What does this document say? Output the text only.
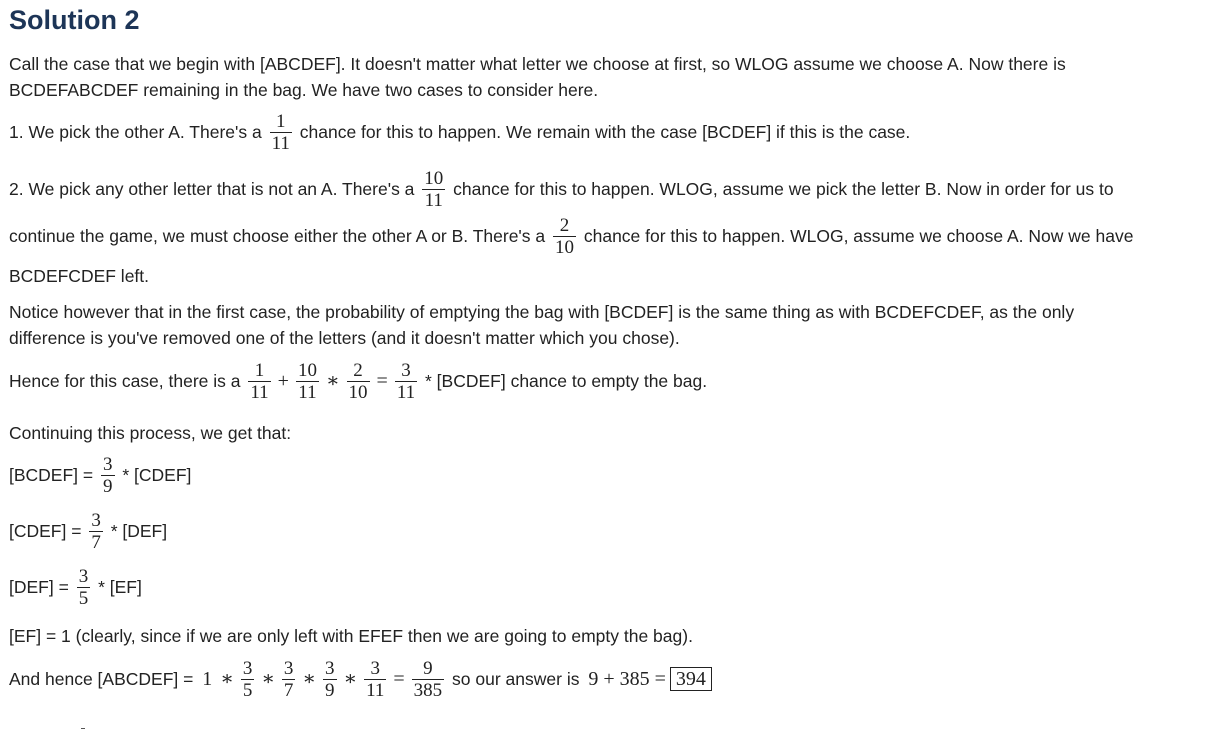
Solution 2
Call the case that we begin with [ABCDEF]. It doesn't matter what letter we choose at first, so WLOG assume we choose A. Now there is
BCDEFABCDEF remaining in the bag. We have two cases to consider here.
1. We pick the other A. There's a $\frac{1}{11}$ chance for this to happen. We remain with the case [BCDEF] if this is the case.
2. We pick any other letter that is not an A. There's a $\frac{10}{11}$ chance for this to happen. WLOG, assume we pick the letter B. Now in order for us to
continue the game, we must choose either the other A or B. There's a $\frac{2}{10}$ chance for this to happen. WLOG, assume we choose A. Now we have
BCDEFCDEF left.
Notice however that in the first case, the probability of emptying the bag with [BCDEF] is the same thing as with BCDEFCDEF, as the only
difference is you've removed one of the letters (and it doesn't matter which you chose).
Hence for this case, there is a $\frac{1}{11} + \frac{10}{11}$ ∗ $\frac{2}{10} = \frac{3}{11}$ * [BCDEF] chance to empty the bag.
Continuing this process, we get that:
[BCDEF] = $\frac{3}{9}$ * [CDEF]
[CDEF] = $\frac{3}{7} * [DEF]$
$[DEF] = \frac{3}{5} * [EF]$
[EF] = 1 (clearly, since if we are only left with EFEF then we are going to empty the bag).
And hence [ABCDEF] = 1 ∗ $\frac{3}{5}$ ∗ $\frac{3}{7}$ ∗ $\frac{3}{9}$ ∗ $\frac{3}{11} = \frac{9}{385}$ so our answer is 9 + 385 = 394
